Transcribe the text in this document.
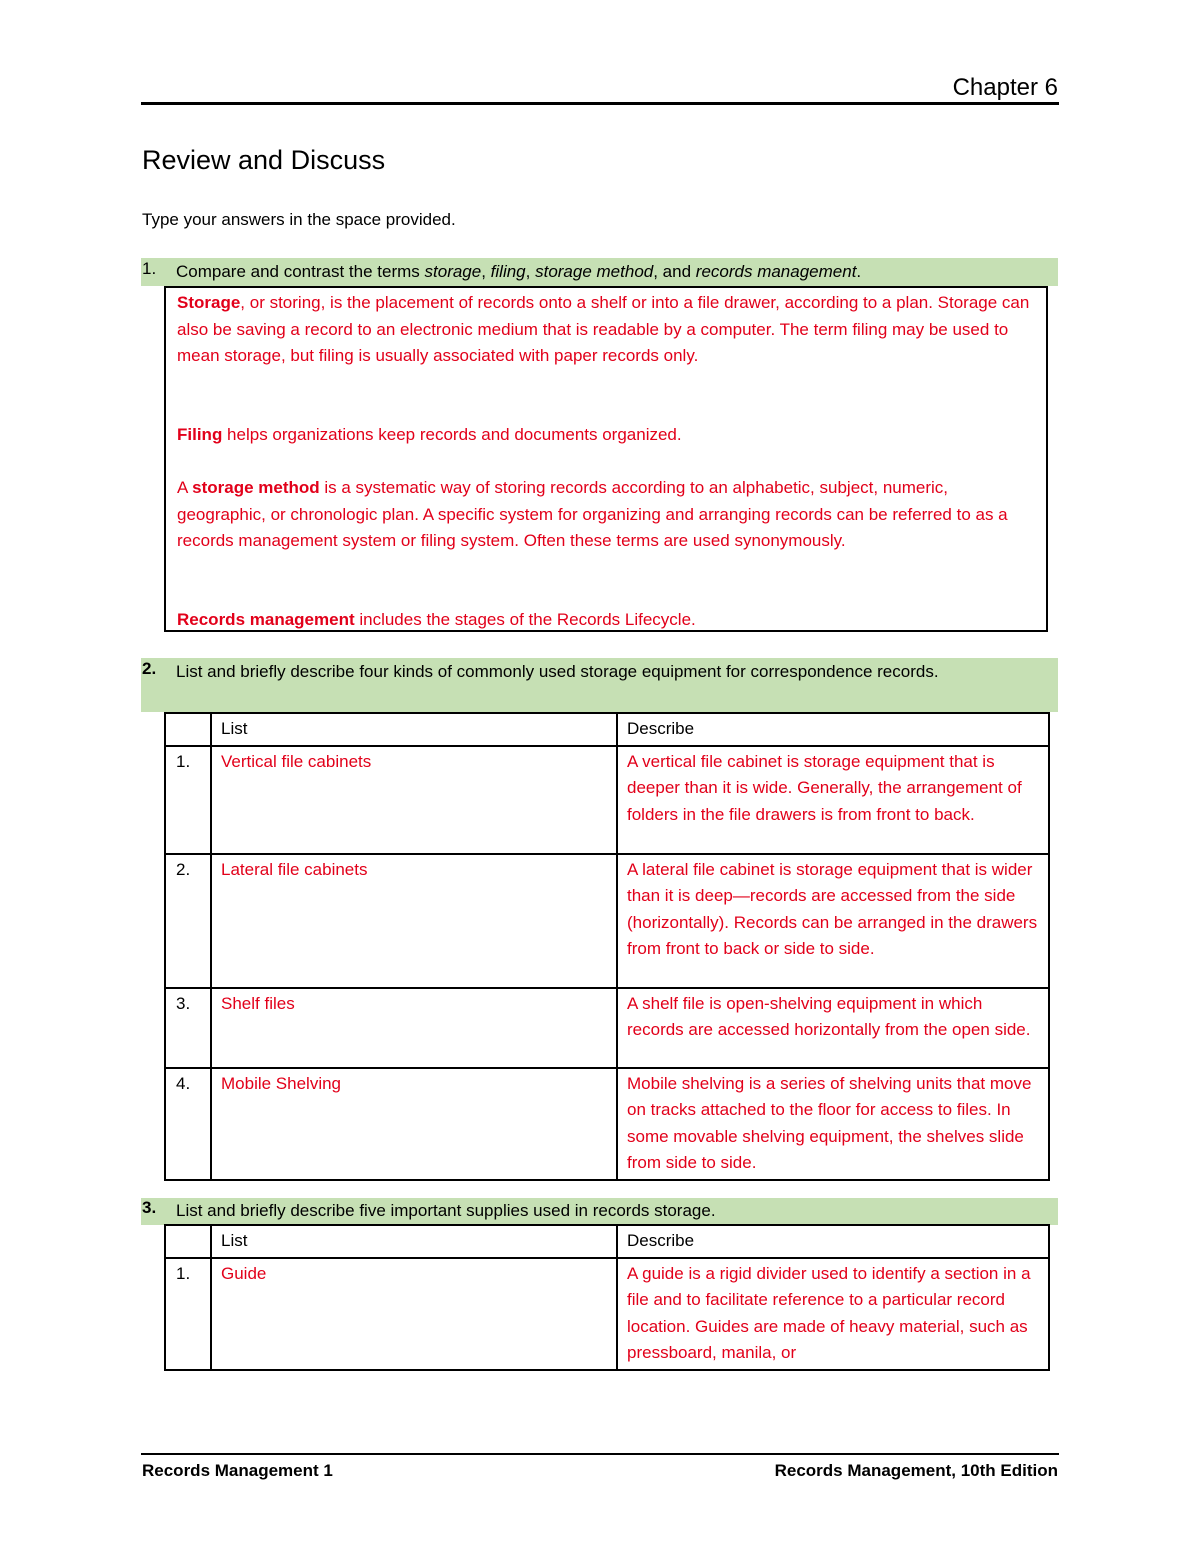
Chapter 6
Review and Discuss
Type your answers in the space provided.
1. Compare and contrast the terms storage, filing, storage method, and records management.

Storage, or storing, is the placement of records onto a shelf or into a file drawer, according to a plan. Storage can also be saving a record to an electronic medium that is readable by a computer. The term filing may be used to mean storage, but filing is usually associated with paper records only.

Filing helps organizations keep records and documents organized.

A storage method is a systematic way of storing records according to an alphabetic, subject, numeric, geographic, or chronologic plan. A specific system for organizing and arranging records can be referred to as a records management system or filing system. Often these terms are used synonymously.

Records management includes the stages of the Records Lifecycle.

2. List and briefly describe four kinds of commonly used storage equipment for correspondence records.
	List	Describe
1.	Vertical file cabinets	A vertical file cabinet is storage equipment that is deeper than it is wide. Generally, the arrangement of folders in the file drawers is from front to back.
2.	Lateral file cabinets	A lateral file cabinet is storage equipment that is wider than it is deep—records are accessed from the side (horizontally). Records can be arranged in the drawers from front to back or side to side.
3.	Shelf files	A shelf file is open-shelving equipment in which records are accessed horizontally from the open side.
4.	Mobile Shelving	Mobile shelving is a series of shelving units that move on tracks attached to the floor for access to files. In some movable shelving equipment, the shelves slide from side to side.
3. List and briefly describe five important supplies used in records storage.
	List	Describe
1.	Guide	A guide is a rigid divider used to identify a section in a file and to facilitate reference to a particular record location. Guides are made of heavy material, such as pressboard, manila, or
Records Management 1	Records Management, 10th Edition
